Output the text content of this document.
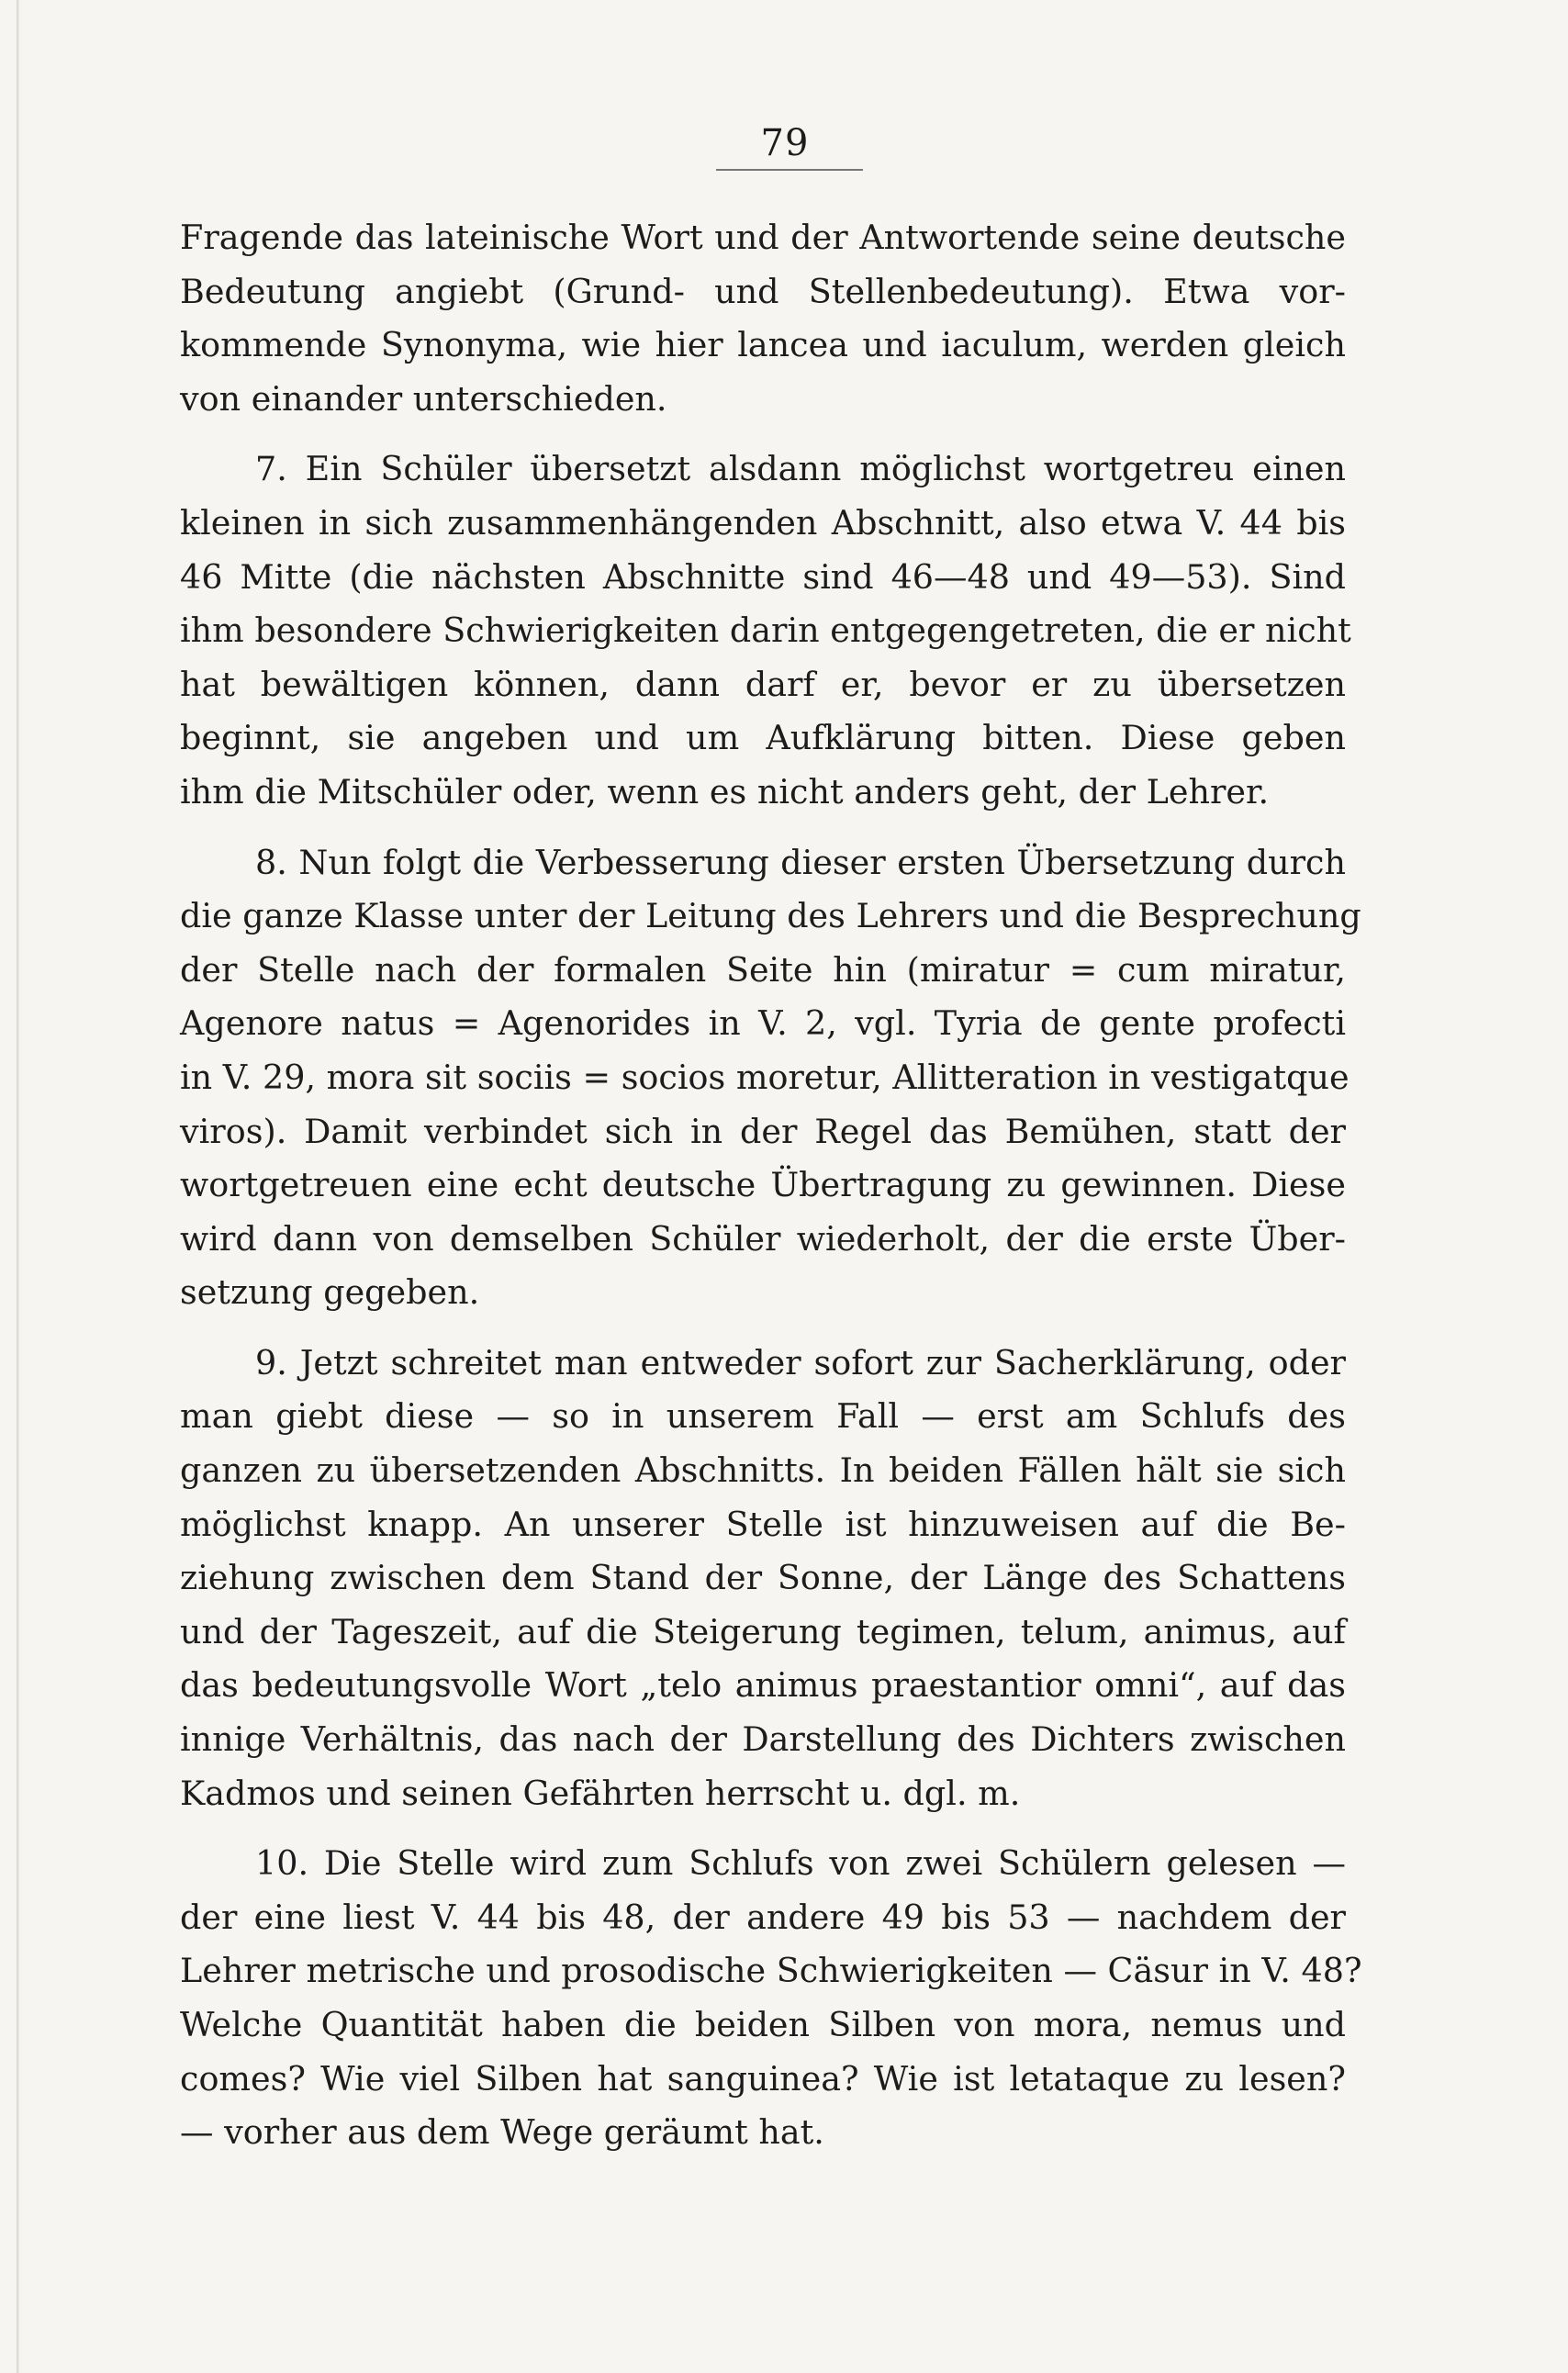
79

Fragende das lateinische Wort und der Antwortende seine deutsche
Bedeutung angiebt (Grund- und Stellenbedeutung). Etwa vor-
kommende Synonyma, wie hier lancea und iaculum, werden gleich
von einander unterschieden.

7. Ein Schüler übersetzt alsdann möglichst wortgetreu einen
kleinen in sich zusammenhängenden Abschnitt, also etwa V. 44 bis
46 Mitte (die nächsten Abschnitte sind 46—48 und 49—53). Sind
ihm besondere Schwierigkeiten darin entgegengetreten, die er nicht
hat bewältigen können, dann darf er, bevor er zu übersetzen
beginnt, sie angeben und um Aufklärung bitten. Diese geben
ihm die Mitschüler oder, wenn es nicht anders geht, der Lehrer.

8. Nun folgt die Verbesserung dieser ersten Übersetzung durch
die ganze Klasse unter der Leitung des Lehrers und die Besprechung
der Stelle nach der formalen Seite hin (miratur = cum miratur,
Agenore natus = Agenorides in V. 2, vgl. Tyria de gente profecti
in V. 29, mora sit sociis = socios moretur, Allitteration in vestigatque
viros). Damit verbindet sich in der Regel das Bemühen, statt der
wortgetreuen eine echt deutsche Übertragung zu gewinnen. Diese
wird dann von demselben Schüler wiederholt, der die erste Über-
setzung gegeben.

9. Jetzt schreitet man entweder sofort zur Sacherklärung, oder
man giebt diese — so in unserem Fall — erst am Schlufs des
ganzen zu übersetzenden Abschnitts. In beiden Fällen hält sie sich
möglichst knapp. An unserer Stelle ist hinzuweisen auf die Be-
ziehung zwischen dem Stand der Sonne, der Länge des Schattens
und der Tageszeit, auf die Steigerung tegimen, telum, animus, auf
das bedeutungsvolle Wort „telo animus praestantior omni“, auf das
innige Verhältnis, das nach der Darstellung des Dichters zwischen
Kadmos und seinen Gefährten herrscht u. dgl. m.

10. Die Stelle wird zum Schlufs von zwei Schülern gelesen —
der eine liest V. 44 bis 48, der andere 49 bis 53 — nachdem der
Lehrer metrische und prosodische Schwierigkeiten — Cäsur in V. 48?
Welche Quantität haben die beiden Silben von mora, nemus und
comes? Wie viel Silben hat sanguinea? Wie ist letataque zu lesen?
— vorher aus dem Wege geräumt hat.
